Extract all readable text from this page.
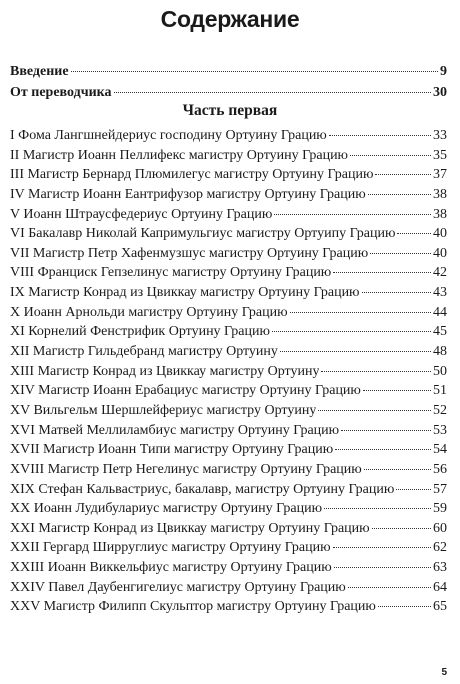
Содержание
Введение	9
От переводчика	30
Часть первая
I Фома Лангшнейдериус господину Ортуину Грацию	33
II Магистр Иоанн Пеллифекс магистру Ортуину Грацию	35
III Магистр Бернард Плюмилегус магистру Ортуину Грацию	37
IV Магистр Иоанн Еантрифузор магистру Ортуину Грацию	38
V Иоанн Штраусфедериус Ортуину Грацию	38
VI Бакалавр Николай Капримульгиус магистру Ортуипу Грацию	40
VII Магистр Петр Хафенмузшус магистру Ортуину Грацию	40
VIII Франциск Гепзелинус магистру Ортуину Грацию	42
IX Магистр Конрад из Цвиккау магистру Ортуину Грацию	43
X Иоанн Арнольди магистру Ортуину Грацию	44
XI Корнелий Фенстрифик Ортуину Грацию	45
XII Магистр Гильдебранд магистру Ортуину	48
XIII Магистр Конрад из Цвиккау магистру Ортуину	50
XIV Магистр Иоанн Ерабациус магистру Ортуину Грацию	51
XV Вильгельм Шершлейфериус магистру Ортуину	52
XVI Матвей Меллиламбиус магистру Ортуину Грацию	53
XVII Магистр Иоанн Типи магистру Ортуину Грацию	54
XVIII Магистр Петр Негелинус магистру Ортуину Грацию	56
XIX Стефан Кальвастриус, бакалавр, магистру Ортуину Грацию	57
XX Иоанн Лудибулариус магистру Ортуину Грацию	59
XXI Магистр Конрад из Цвиккау магистру Ортуину Грацию	60
XXII Гергард Ширруглиус магистру Ортуину Грацию	62
XXIII Иоанн Виккельфиус магистру Ортуину Грацию	63
XXIV Павел Даубенгигелиус магистру Ортуину Грацию	64
XXV Магистр Филипп Скульптор магистру Ортуину Грацию	65
5
